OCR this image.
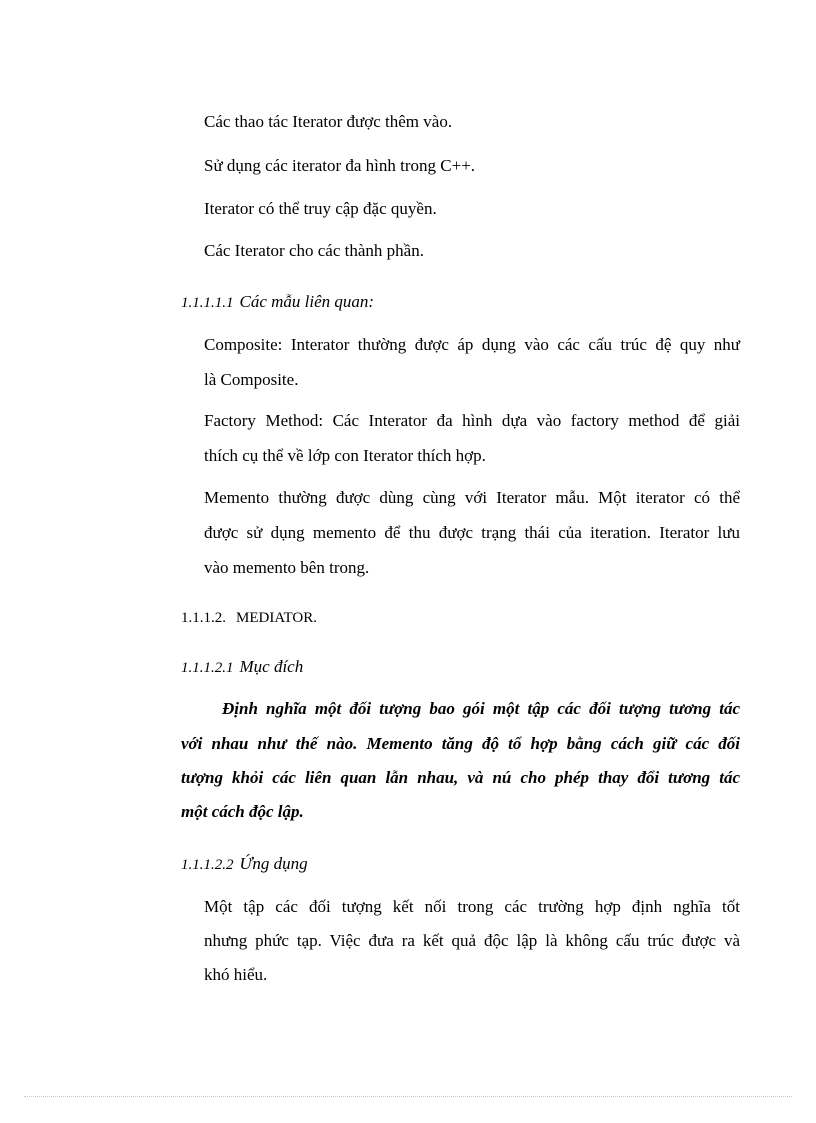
Các thao tác Iterator được thêm vào.
Sử dụng các iterator đa hình trong C++.
Iterator có thể truy cập đặc quyền.
Các Iterator cho các thành phần.
1.1.1.1.1 Các mẫu liên quan:
Composite: Interator thường được áp dụng vào các cấu trúc đệ quy như
là Composite.
Factory Method: Các Interator đa hình dựa vào factory method để giải
thích cụ thể về lớp con Iterator thích hợp.
Memento thường được dùng cùng với Iterator mẫu. Một iterator có thể
được sử dụng memento để thu được trạng thái của iteration. Iterator lưu
vào memento bên trong.
1.1.1.2. MEDIATOR.
1.1.1.2.1 Mục đích
Định nghĩa một đối tượng bao gói một tập các đối tượng tương tác
với nhau như thế nào. Memento tăng độ tổ hợp bằng cách giữ các đối
tượng khỏi các liên quan lẫn nhau, và nú cho phép thay đổi tương tác
một cách độc lập.
1.1.1.2.2 Ứng dụng
Một tập các đối tượng kết nối trong các trường hợp định nghĩa tốt
nhưng phức tạp. Việc đưa ra kết quả độc lập là không cấu trúc được và
khó hiểu.
